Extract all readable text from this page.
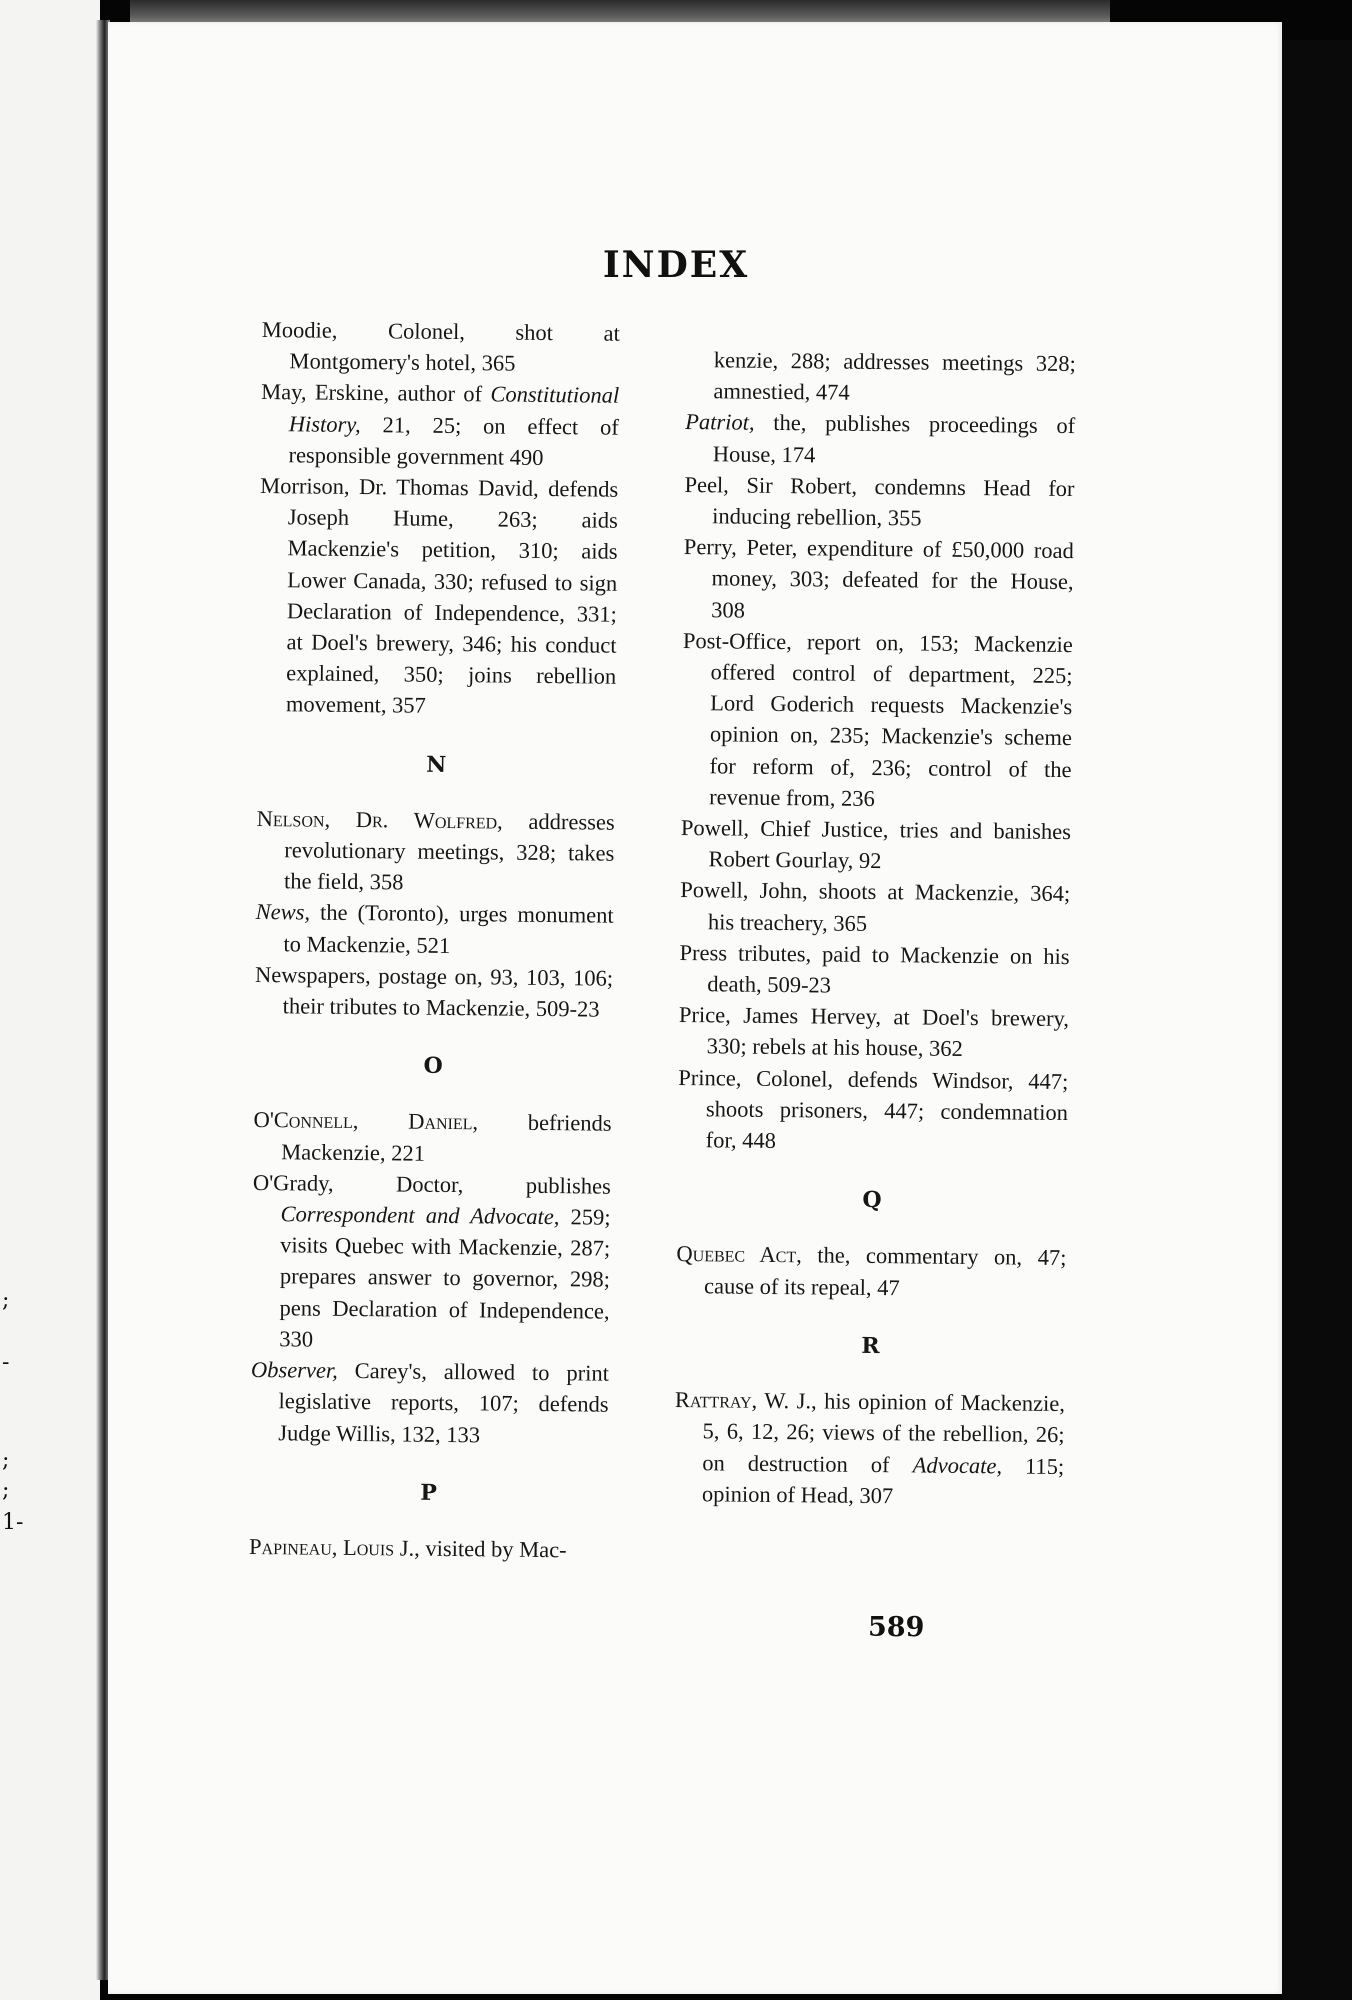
;
-
;
;
1-
INDEX

Moodie, Colonel, shot at Montgomery's hotel, 365

May, Erskine, author of Constitutional History, 21, 25; on effect of responsible government 490

Morrison, Dr. Thomas David, defends Joseph Hume, 263; aids Mackenzie's petition, 310; aids Lower Canada, 330; refused to sign Declaration of Independence, 331; at Doel's brewery, 346; his conduct explained, 350; joins rebellion movement, 357

N

Nelson, Dr. Wolfred, addresses revolutionary meetings, 328; takes the field, 358

News, the (Toronto), urges monument to Mackenzie, 521

Newspapers, postage on, 93, 103, 106; their tributes to Mackenzie, 509-23

O

O'Connell, Daniel, befriends Mackenzie, 221

O'Grady, Doctor, publishes Correspondent and Advocate, 259; visits Quebec with Mackenzie, 287; prepares answer to governor, 298; pens Declaration of Independence, 330

Observer, Carey's, allowed to print legislative reports, 107; defends Judge Willis, 132, 133

P

Papineau, Louis J., visited by Mac-

kenzie, 288; addresses meetings 328; amnestied, 474

Patriot, the, publishes proceedings of House, 174

Peel, Sir Robert, condemns Head for inducing rebellion, 355

Perry, Peter, expenditure of £50,000 road money, 303; defeated for the House, 308

Post-Office, report on, 153; Mackenzie offered control of department, 225; Lord Goderich requests Mackenzie's opinion on, 235; Mackenzie's scheme for reform of, 236; control of the revenue from, 236

Powell, Chief Justice, tries and banishes Robert Gourlay, 92

Powell, John, shoots at Mackenzie, 364; his treachery, 365

Press tributes, paid to Mackenzie on his death, 509-23

Price, James Hervey, at Doel's brewery, 330; rebels at his house, 362

Prince, Colonel, defends Windsor, 447; shoots prisoners, 447; condemnation for, 448

Q

Quebec Act, the, commentary on, 47; cause of its repeal, 47

R

Rattray, W. J., his opinion of Mackenzie, 5, 6, 12, 26; views of the rebellion, 26; on destruction of Advocate, 115; opinion of Head, 307

589
